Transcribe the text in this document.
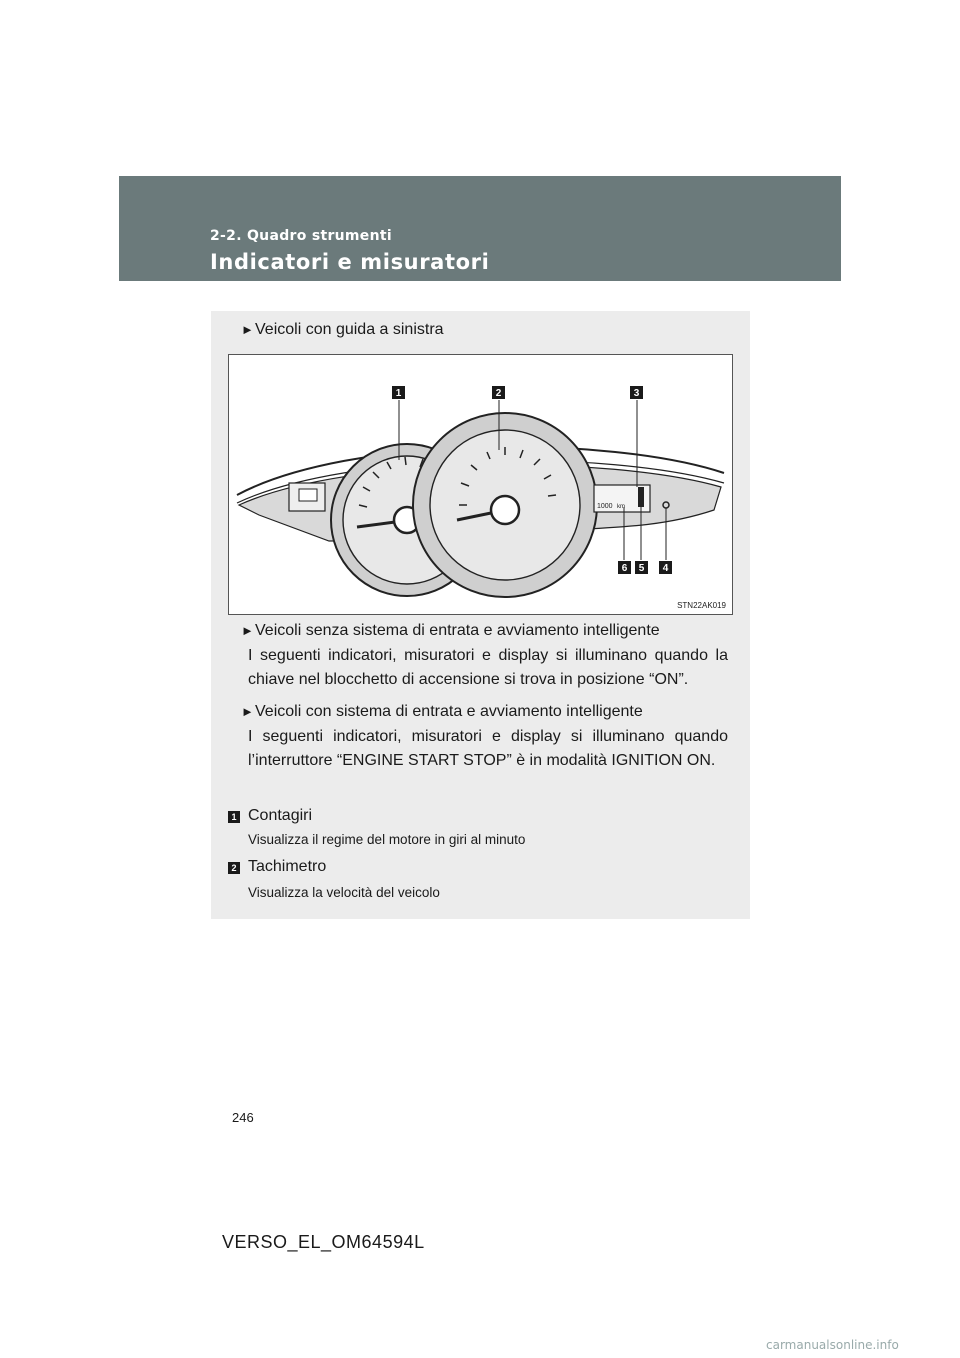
2-2. Quadro strumenti
Indicatori e misuratori
►Veicoli con guida a sinistra
1000 km
1	2	3
4
5
6
STN22AK019
►Veicoli senza sistema di entrata e avviamento intelligente
I seguenti indicatori, misuratori e display si illuminano quando la chiave nel blocchetto di accensione si trova in posizione “ON”.
►Veicoli con sistema di entrata e avviamento intelligente
I seguenti indicatori, misuratori e display si illuminano quando l’interruttore “ENGINE START STOP” è in modalità IGNITION ON.
1 Contagiri
Visualizza il regime del motore in giri al minuto
2 Tachimetro
Visualizza la velocità del veicolo
246
VERSO_EL_OM64594L
carmanualsonline.info
